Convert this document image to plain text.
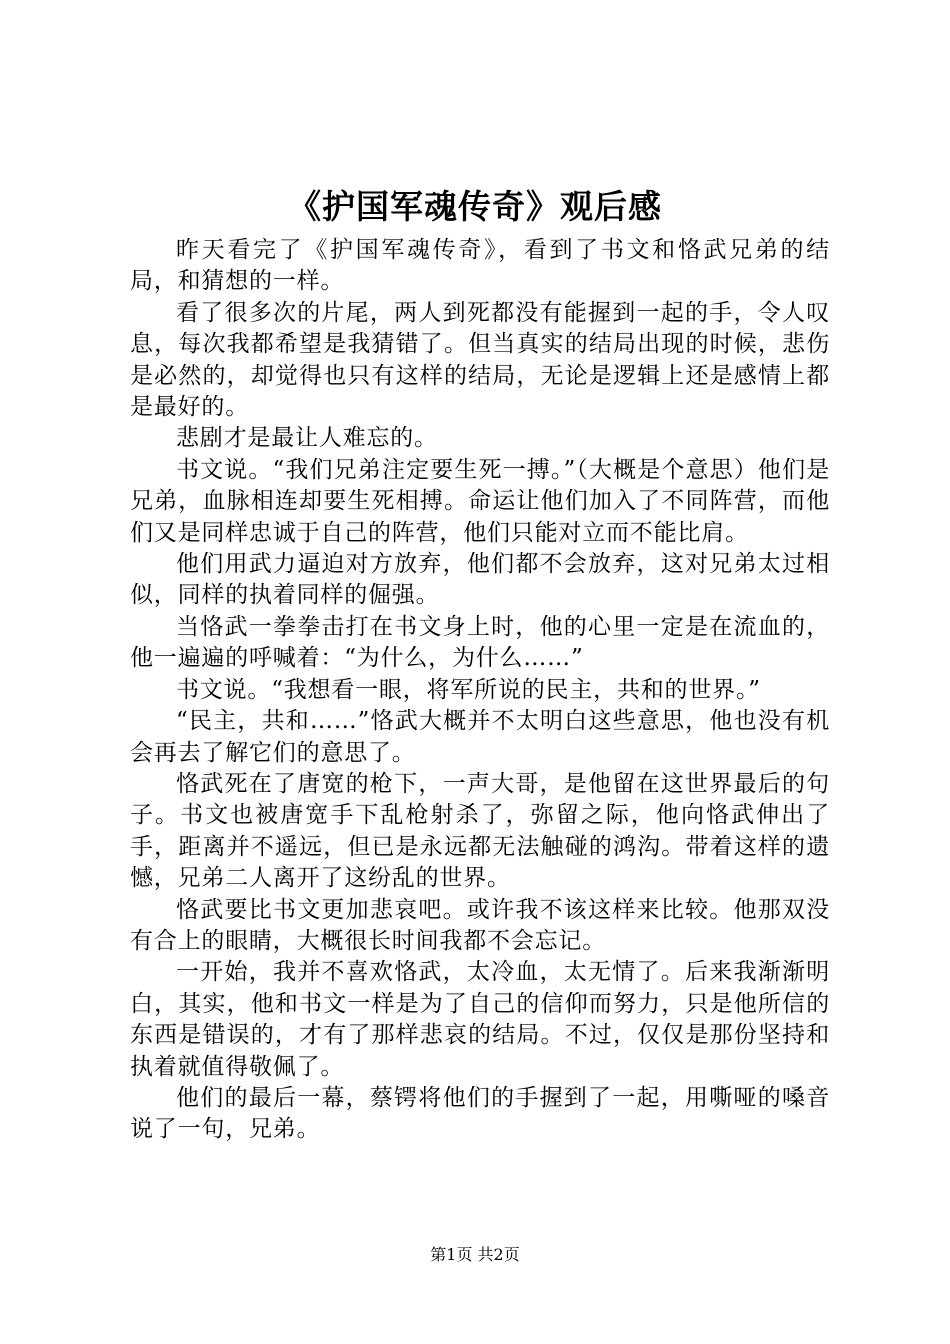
《护国军魂传奇》观后感

昨天看完了《护国军魂传奇》，看到了书文和恪武兄弟的结局，和猜想的一样。

看了很多次的片尾，两人到死都没有能握到一起的手，令人叹息，每次我都希望是我猜错了。但当真实的结局出现的时候，悲伤是必然的，却觉得也只有这样的结局，无论是逻辑上还是感情上都是最好的。

悲剧才是最让人难忘的。

书文说。“我们兄弟注定要生死一搏。”（大概是个意思）他们是兄弟，血脉相连却要生死相搏。命运让他们加入了不同阵营，而他们又是同样忠诚于自己的阵营，他们只能对立而不能比肩。

他们用武力逼迫对方放弃，他们都不会放弃，这对兄弟太过相似，同样的执着同样的倔强。

当恪武一拳拳击打在书文身上时，他的心里一定是在流血的，他一遍遍的呼喊着：“为什么，为什么……”

书文说。“我想看一眼，将军所说的民主，共和的世界。”

“民主，共和……”恪武大概并不太明白这些意思，他也没有机会再去了解它们的意思了。

恪武死在了唐宽的枪下，一声大哥，是他留在这世界最后的句子。书文也被唐宽手下乱枪射杀了，弥留之际，他向恪武伸出了手，距离并不遥远，但已是永远都无法触碰的鸿沟。带着这样的遗憾，兄弟二人离开了这纷乱的世界。

恪武要比书文更加悲哀吧。或许我不该这样来比较。他那双没有合上的眼睛，大概很长时间我都不会忘记。

一开始，我并不喜欢恪武，太冷血，太无情了。后来我渐渐明白，其实，他和书文一样是为了自己的信仰而努力，只是他所信的东西是错误的，才有了那样悲哀的结局。不过，仅仅是那份坚持和执着就值得敬佩了。

他们的最后一幕，蔡锷将他们的手握到了一起，用嘶哑的嗓音说了一句，兄弟。

第1页 共2页
